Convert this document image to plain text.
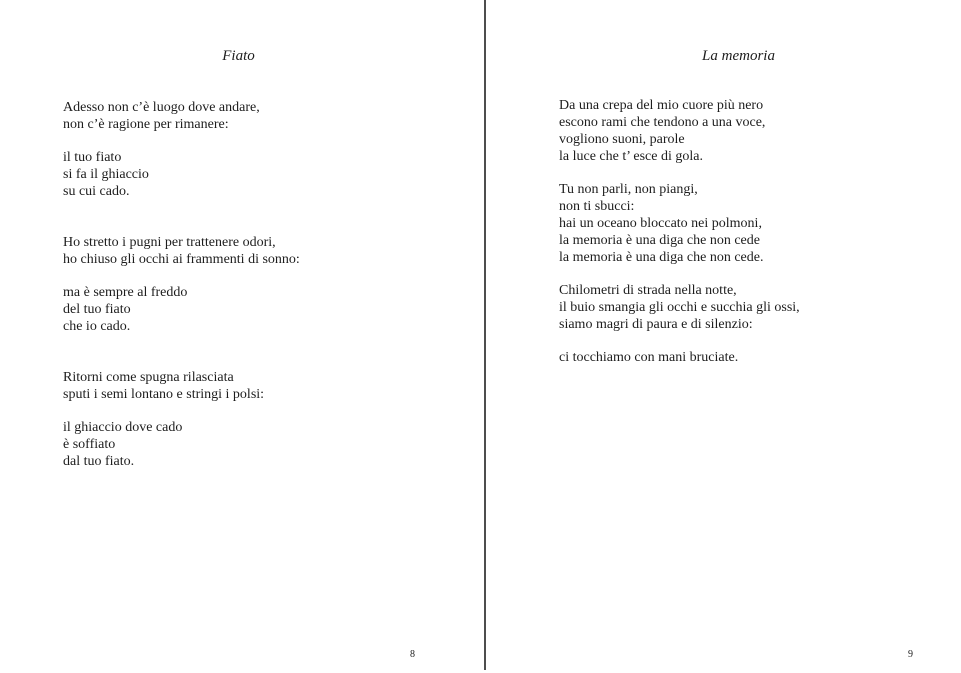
Fiato
Adesso non c’è luogo dove andare,
non c’è ragione per rimanere:
il tuo fiato
si fa il ghiaccio
su cui cado.
Ho stretto i pugni per trattenere odori,
ho chiuso gli occhi ai frammenti di sonno:
ma è sempre al freddo
del tuo fiato
che io cado.
Ritorni come spugna rilasciata
sputi i semi lontano e stringi i polsi:
il ghiaccio dove cado
è soffiato
dal tuo fiato.
8
La memoria
Da una crepa del mio cuore più nero
escono rami che tendono a una voce,
vogliono suoni, parole
la luce che t’ esce di gola.
Tu non parli, non piangi,
non ti sbucci:
hai un oceano bloccato nei polmoni,
la memoria è una diga che non cede
la memoria è una diga che non cede.
Chilometri di strada nella notte,
il buio smangia gli occhi e succhia gli ossi,
siamo magri di paura e di silenzio:
ci tocchiamo con mani bruciate.
9
